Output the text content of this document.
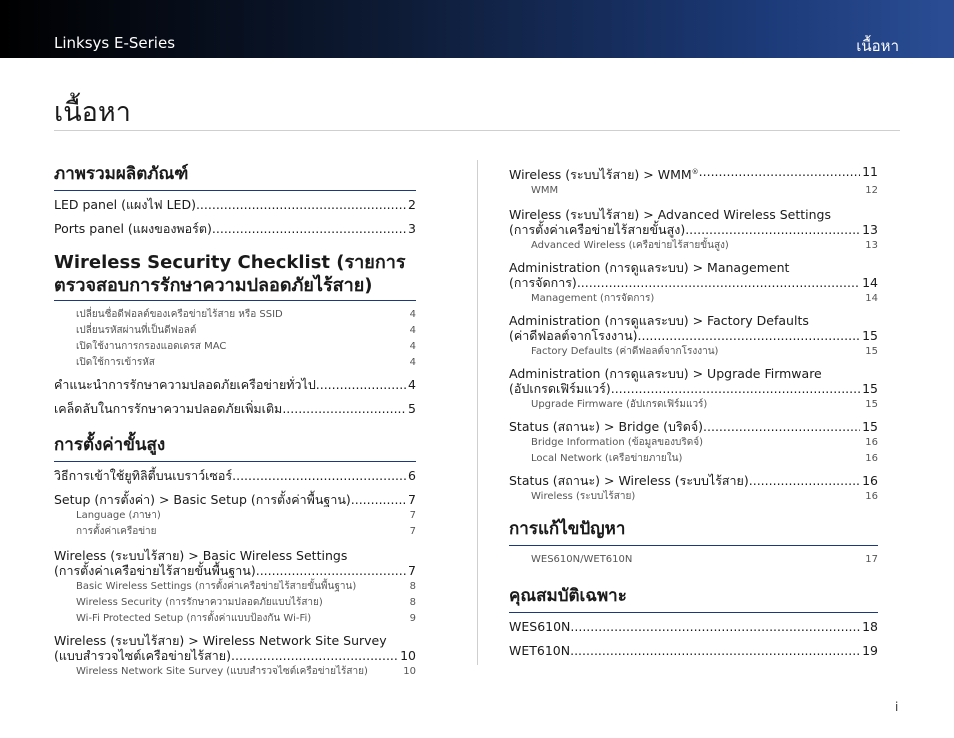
Linksys E-Series	เนื้อหา
เนื้อหา
ภาพรวมผลิตภัณฑ์
LED panel (แผงไฟ LED) .....	2
Ports panel (แผงของพอร์ต) .....	3
Wireless Security Checklist (รายการ
ตรวจสอบการรักษาความปลอดภัยไร้สาย)
เปลี่ยนชื่อดีฟอลต์ของเครือข่ายไร้สาย หรือ SSID	4
เปลี่ยนรหัสผ่านที่เป็นดีฟอลต์	4
เปิดใช้งานการกรองแอดเดรส MAC	4
เปิดใช้การเข้ารหัส	4
คำแนะนำการรักษาความปลอดภัยเครือข่ายทั่วไป .....	4
เคล็ดลับในการรักษาความปลอดภัยเพิ่มเติม .....	5
การตั้งค่าขั้นสูง
วิธีการเข้าใช้ยูทิลิตี้บนเบราว์เซอร์ .....	6
Setup (การตั้งค่า) > Basic Setup (การตั้งค่าพื้นฐาน) .....	7
Language (ภาษา)	7
การตั้งค่าเครือข่าย	7
Wireless (ระบบไร้สาย) > Basic Wireless Settings
(การตั้งค่าเครือข่ายไร้สายขั้นพื้นฐาน) .....	7
Basic Wireless Settings (การตั้งค่าเครือข่ายไร้สายขั้นพื้นฐาน)	8
Wireless Security (การรักษาความปลอดภัยแบบไร้สาย)	8
Wi-Fi Protected Setup (การตั้งค่าแบบป้องกัน Wi-Fi)	9
Wireless (ระบบไร้สาย) > Wireless Network Site Survey
(แบบสำรวจไซต์เครือข่ายไร้สาย) .....	10
Wireless Network Site Survey (แบบสำรวจไซต์เครือข่ายไร้สาย)	10
Wireless (ระบบไร้สาย) > WMM® .....	11
WMM	12
Wireless (ระบบไร้สาย) > Advanced Wireless Settings
(การตั้งค่าเครือข่ายไร้สายขั้นสูง) .....	13
Advanced Wireless (เครือข่ายไร้สายขั้นสูง)	13
Administration (การดูแลระบบ) > Management
(การจัดการ) .....	14
Management (การจัดการ)	14
Administration (การดูแลระบบ) > Factory Defaults
(ค่าดีฟอลต์จากโรงงาน) .....	15
Factory Defaults (ค่าดีฟอลต์จากโรงงาน)	15
Administration (การดูแลระบบ) > Upgrade Firmware
(อัปเกรดเฟิร์มแวร์) .....	15
Upgrade Firmware (อัปเกรดเฟิร์มแวร์)	15
Status (สถานะ) > Bridge (บริดจ์) .....	15
Bridge Information (ข้อมูลของบริดจ์)	16
Local Network (เครือข่ายภายใน)	16
Status (สถานะ) > Wireless (ระบบไร้สาย) .....	16
Wireless (ระบบไร้สาย)	16
การแก้ไขปัญหา
WES610N/WET610N	17
คุณสมบัติเฉพาะ
WES610N .....	18
WET610N .....	19
i
